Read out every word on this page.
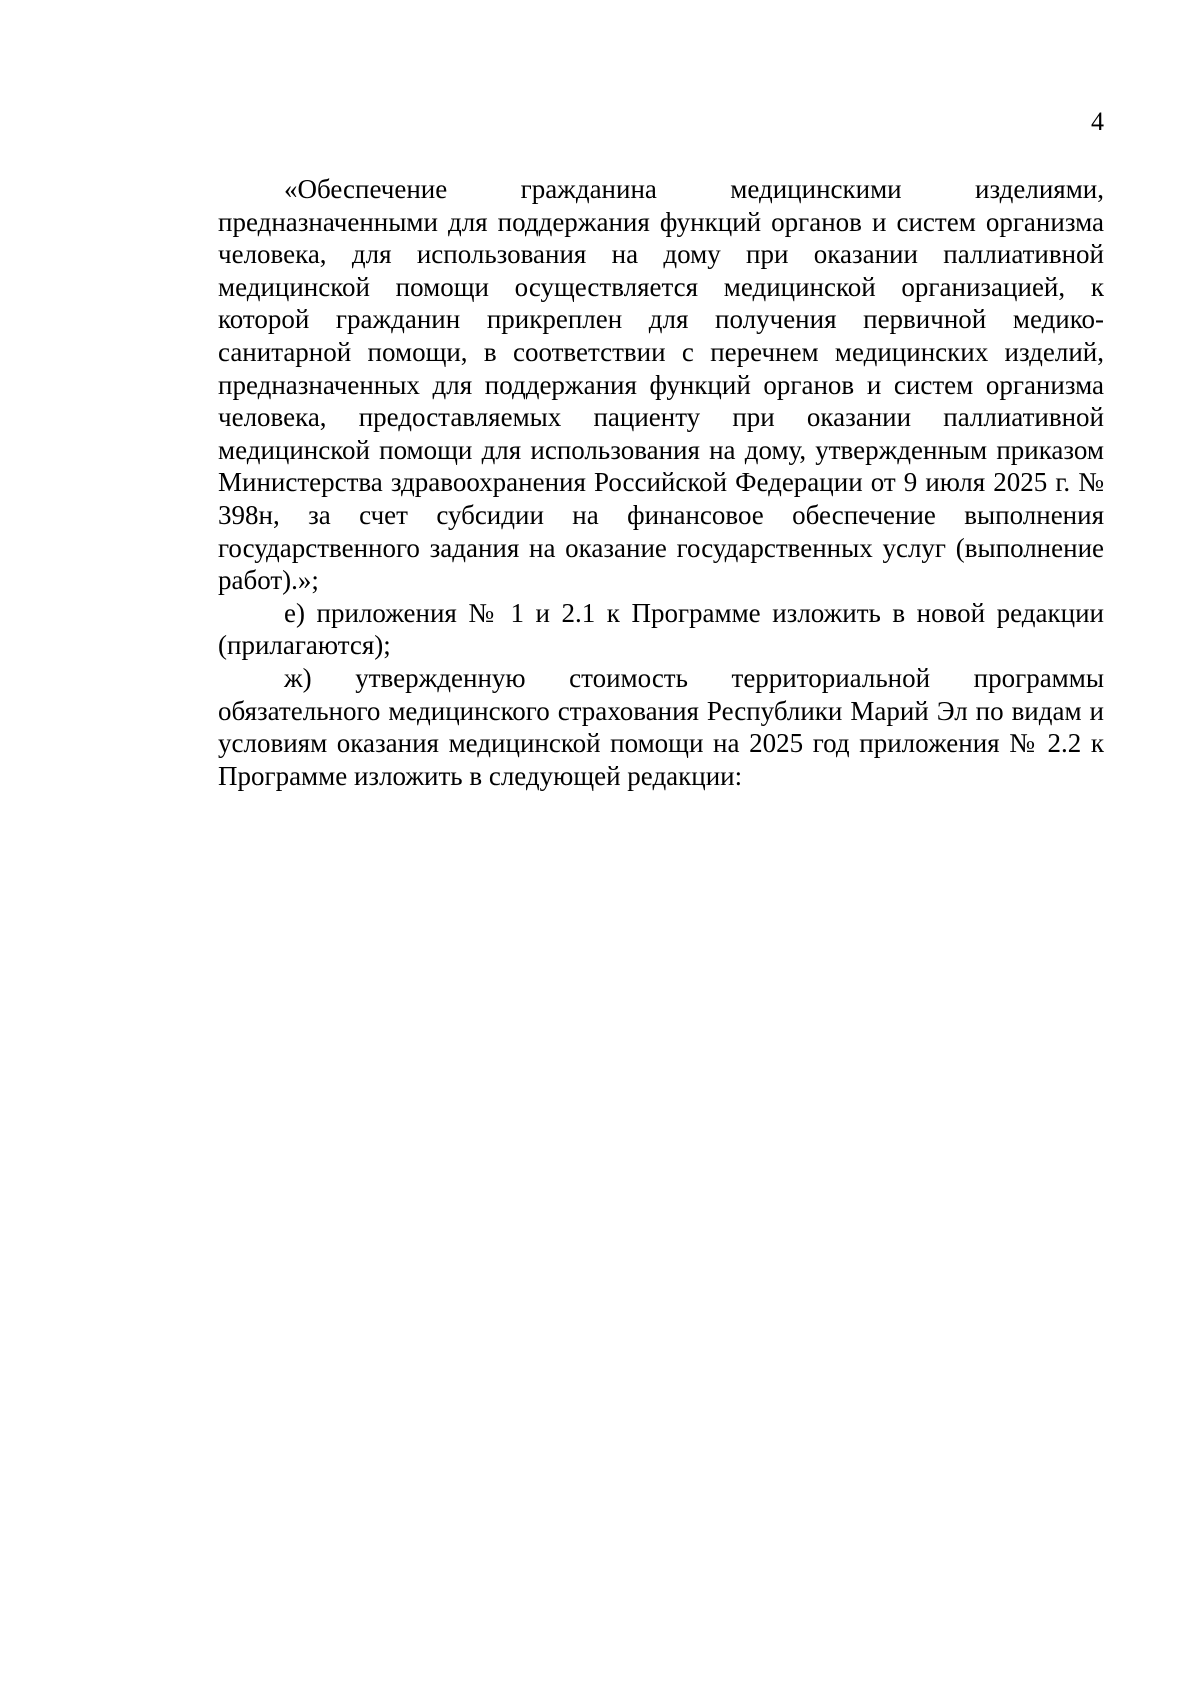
4

«Обеспечение гражданина медицинскими изделиями, предназначенными для поддержания функций органов и систем организма человека, для использования на дому при оказании паллиативной медицинской помощи осуществляется медицинской организацией, к которой гражданин прикреплен для получения первичной медико-санитарной помощи, в соответствии с перечнем медицинских изделий, предназначенных для поддержания функций органов и систем организма человека, предоставляемых пациенту при оказании паллиативной медицинской помощи для использования на дому, утвержденным приказом Министерства здравоохранения Российской Федерации от 9 июля 2025 г. № 398н, за счет субсидии на финансовое обеспечение выполнения государственного задания на оказание государственных услуг (выполнение работ).»;

е) приложения № 1 и 2.1 к Программе изложить в новой редакции (прилагаются);

ж) утвержденную стоимость территориальной программы обязательного медицинского страхования Республики Марий Эл по видам и условиям оказания медицинской помощи на 2025 год приложения № 2.2 к Программе изложить в следующей редакции:
